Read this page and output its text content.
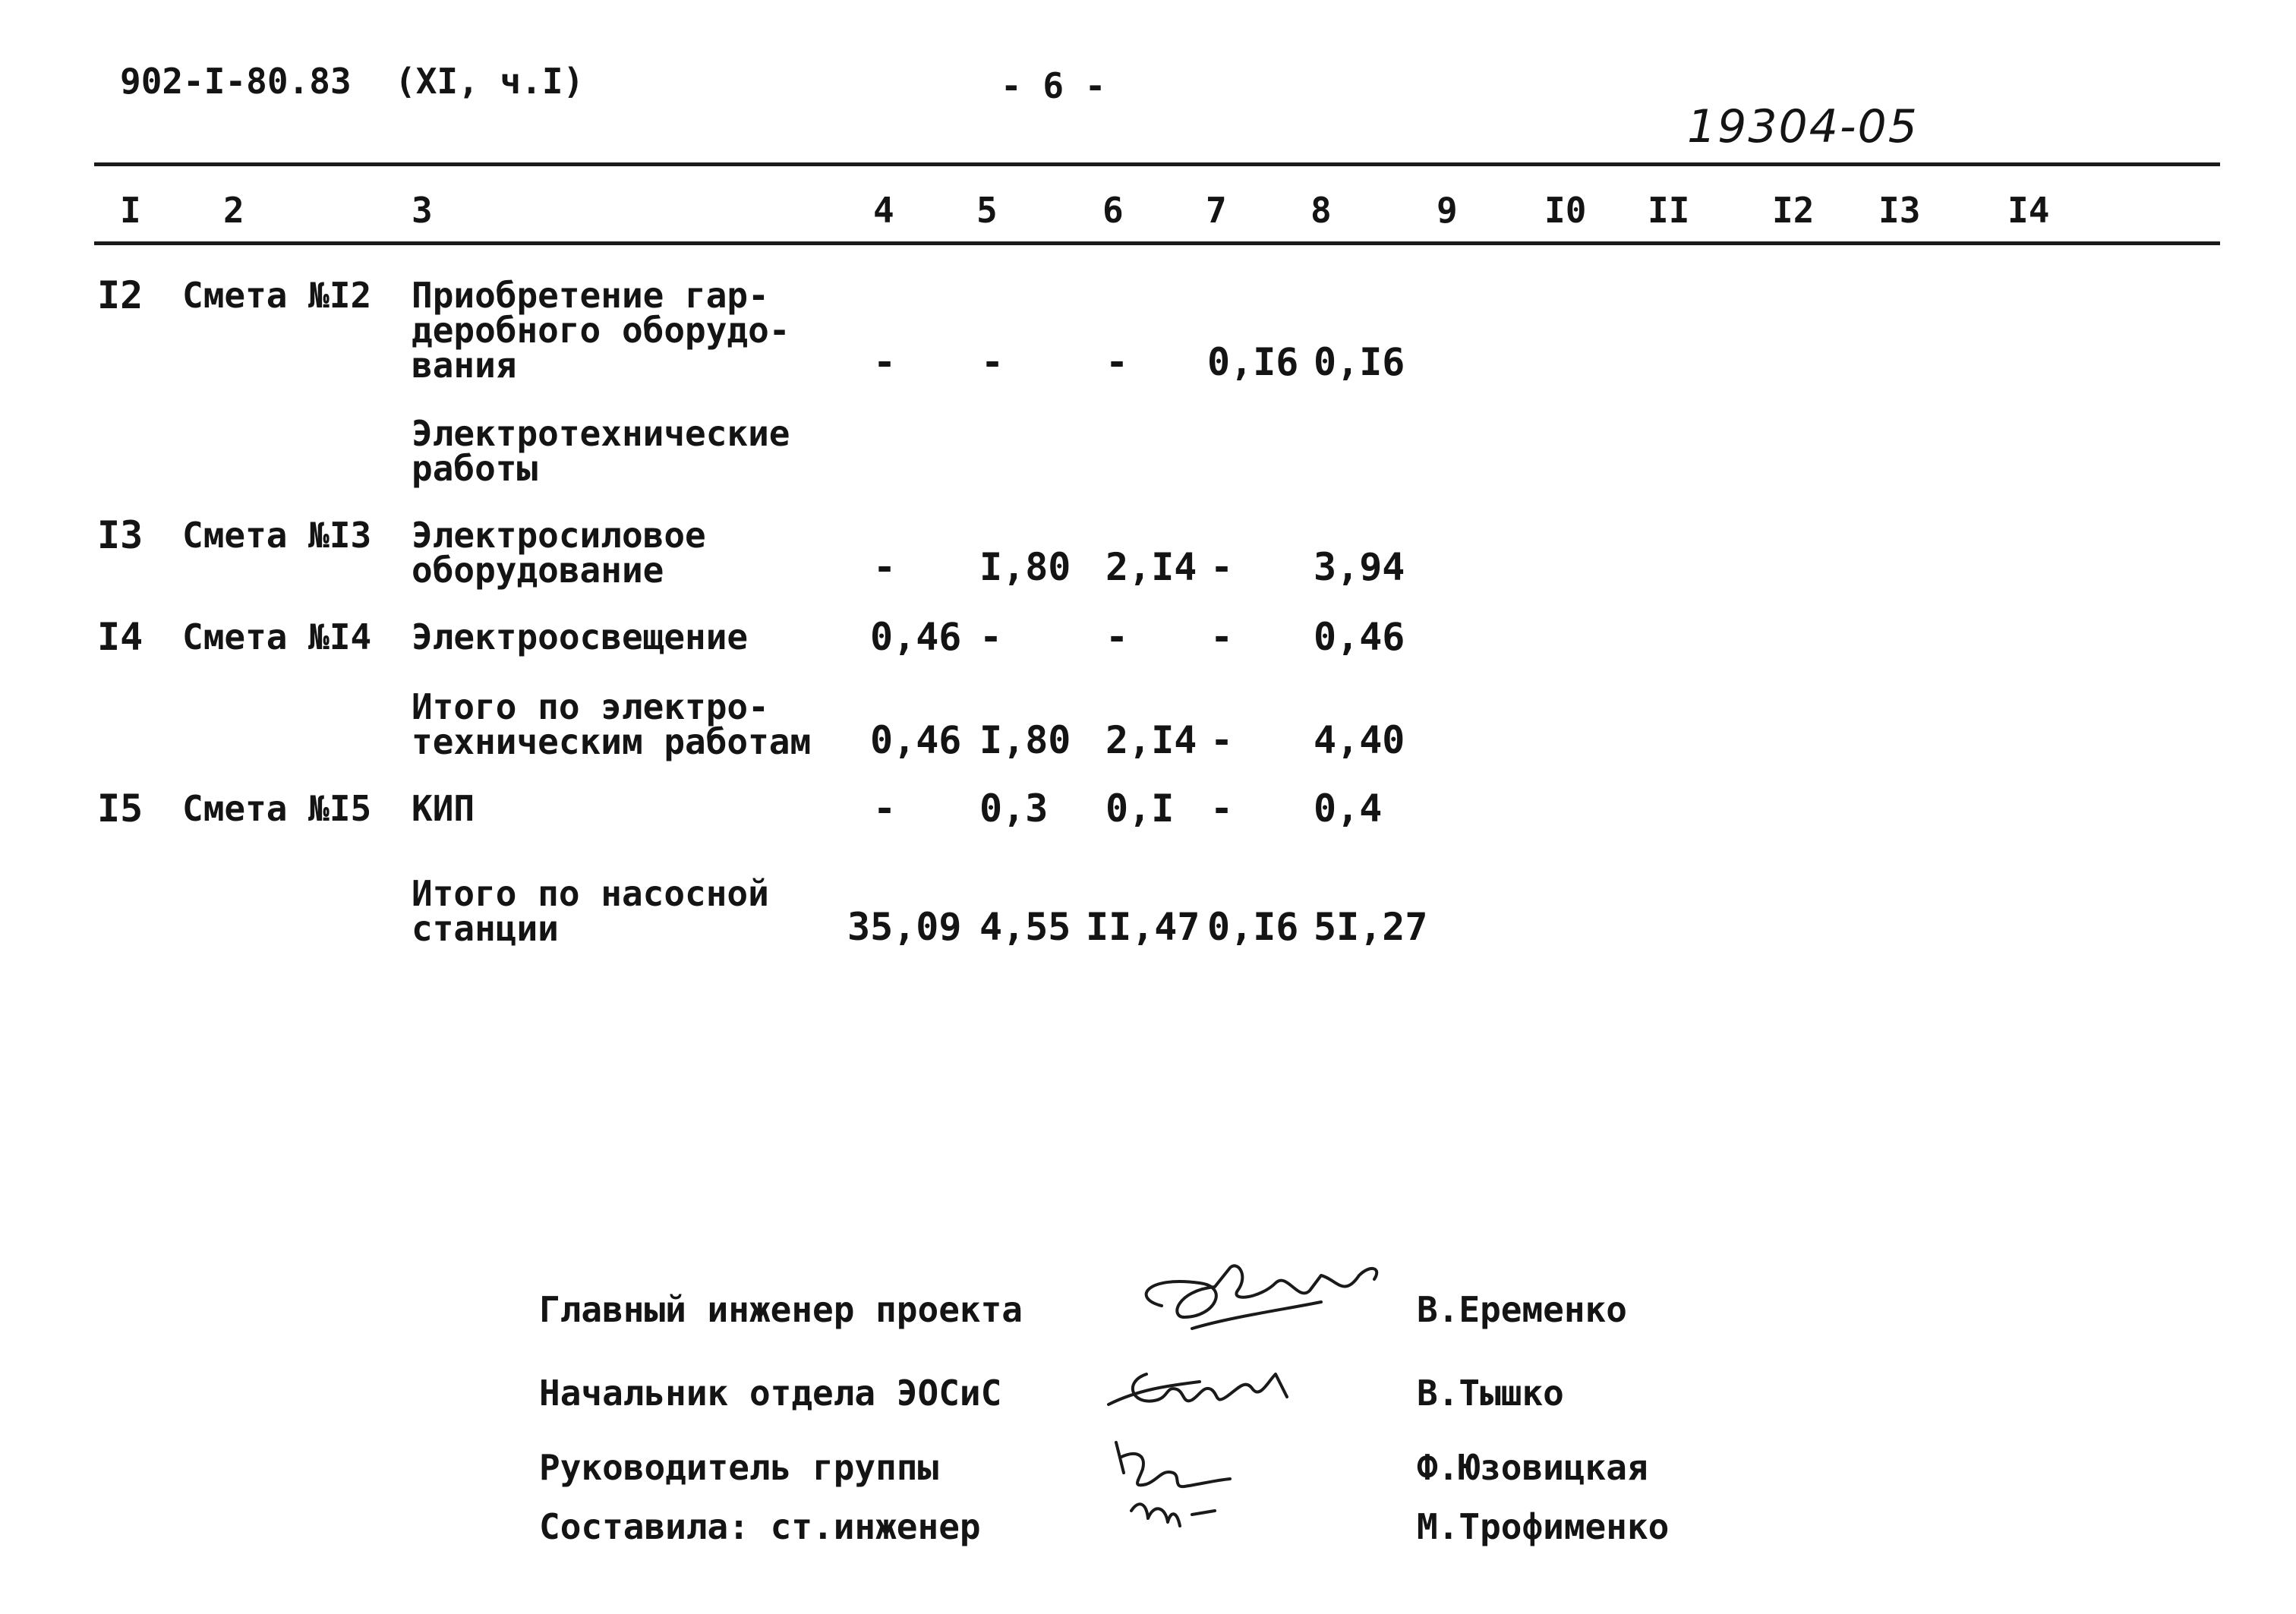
902-I-80.83 (XI, ч.I)	- 6 -
19304-05
I 2	3	4 5	6 7 8	9 I0 II I2 I3 I4
I2 Смета №I2 Приобретение гар-
деробного оборудо-
вания	- -	- 0,I6 0,I6
Электротехнические
работы
I3 Смета №I3 Электросиловое
оборудование	- I,80 2,I4 - 3,94
I4 Смета №I4 Электроосвещение	0,46 -	- - 0,46
Итого по электро-
техническим работам 0,46 I,80 2,I4 - 4,40
I5 Смета №I5 КИП	- 0,3 0,I - 0,4
Итого по насосной
станции	35,09 4,55 II,47 0,I6 5I,27
Главный инженер проекта	В.Еременко
Начальник отдела ЭОСиС	В.Тышко
Руководитель группы	Ф.Юзовицкая
Составила: ст.инженер	М.Трофименко
